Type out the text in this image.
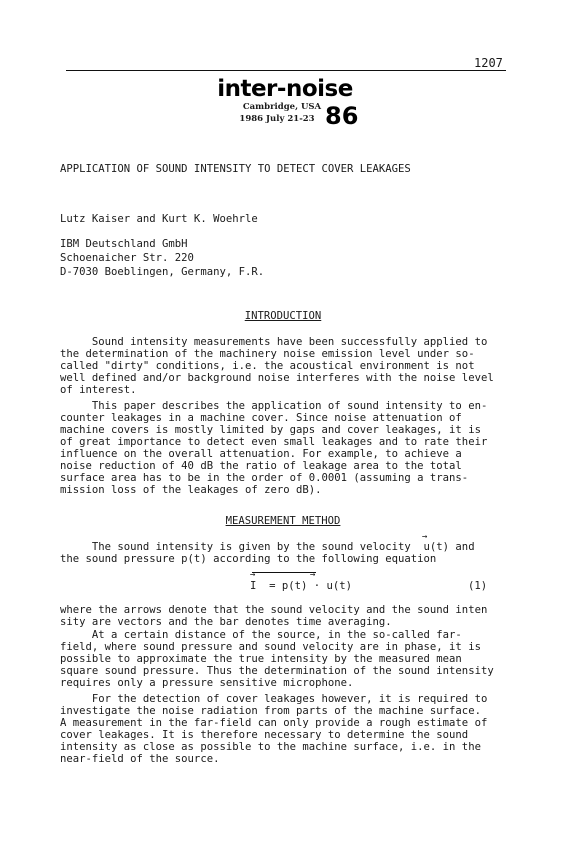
1207
inter-noise
Cambridge, USA
1986 July 21-23 86
APPLICATION OF SOUND INTENSITY TO DETECT COVER LEAKAGES
Lutz Kaiser and Kurt K. Woehrle
IBM Deutschland GmbH
Schoenaicher Str. 220
D-7030 Boeblingen, Germany, F.R.
INTRODUCTION
Sound intensity measurements have been successfully applied to
the determination of the machinery noise emission level under so-
called "dirty" conditions, i.e. the acoustical environment is not
well defined and/or background noise interferes with the noise level
of interest.
This paper describes the application of sound intensity to en-
counter leakages in a machine cover. Since noise attenuation of
machine covers is mostly limited by gaps and cover leakages, it is
of great importance to detect even small leakages and to rate their
influence on the overall attenuation. For example, to achieve a
noise reduction of 40 dB the ratio of leakage area to the total
surface area has to be in the order of 0.0001 (assuming a trans-
mission loss of the leakages of zero dB).
MEASUREMENT METHOD
The sound intensity is given by the sound velocity  u(t) and
the sound pressure p(t) according to the following equation
→
→	→
I  = p(t) · u(t)	(1)
where the arrows denote that the sound velocity and the sound inten
sity are vectors and the bar denotes time averaging.
At a certain distance of the source, in the so-called far-
field, where sound pressure and sound velocity are in phase, it is
possible to approximate the true intensity by the measured mean
square sound pressure. Thus the determination of the sound intensity
requires only a pressure sensitive microphone.
For the detection of cover leakages however, it is required to
investigate the noise radiation from parts of the machine surface.
A measurement in the far-field can only provide a rough estimate of
cover leakages. It is therefore necessary to determine the sound
intensity as close as possible to the machine surface, i.e. in the
near-field of the source.
